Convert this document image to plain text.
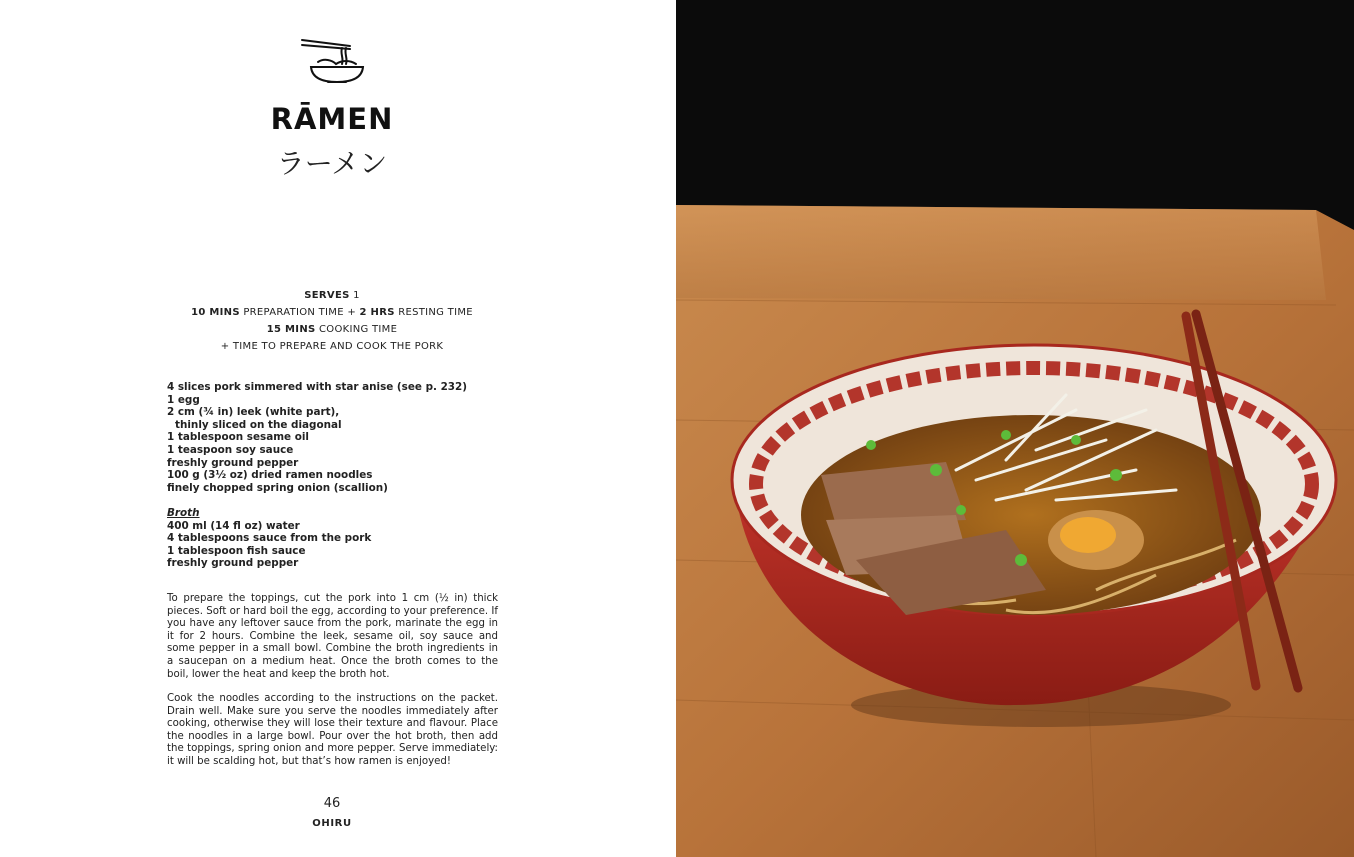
RĀMEN
ラーメン
SERVES 1
10 MINS PREPARATION TIME + 2 HRS RESTING TIME
15 MINS COOKING TIME
+ TIME TO PREPARE AND COOK THE PORK
4 slices pork simmered with star anise (see p. 232)
1 egg
2 cm (¾ in) leek (white part),
thinly sliced on the diagonal
1 tablespoon sesame oil
1 teaspoon soy sauce
freshly ground pepper
100 g (3½ oz) dried ramen noodles
finely chopped spring onion (scallion)
Broth
400 ml (14 fl oz) water
4 tablespoons sauce from the pork
1 tablespoon fish sauce
freshly ground pepper
To prepare the toppings, cut the pork into 1 cm (½ in) thick pieces. Soft or hard boil the egg, according to your preference. If you have any leftover sauce from the pork, marinate the egg in it for 2 hours. Combine the leek, sesame oil, soy sauce and some pepper in a small bowl. Combine the broth ingredients in a saucepan on a medium heat. Once the broth comes to the boil, lower the heat and keep the broth hot.
Cook the noodles according to the instructions on the packet. Drain well. Make sure you serve the noodles immediately after cooking, otherwise they will lose their texture and flavour. Place the noodles in a large bowl. Pour over the hot broth, then add the toppings, spring onion and more pepper. Serve immediately: it will be scalding hot, but that’s how ramen is enjoyed!
46
OHIRU
